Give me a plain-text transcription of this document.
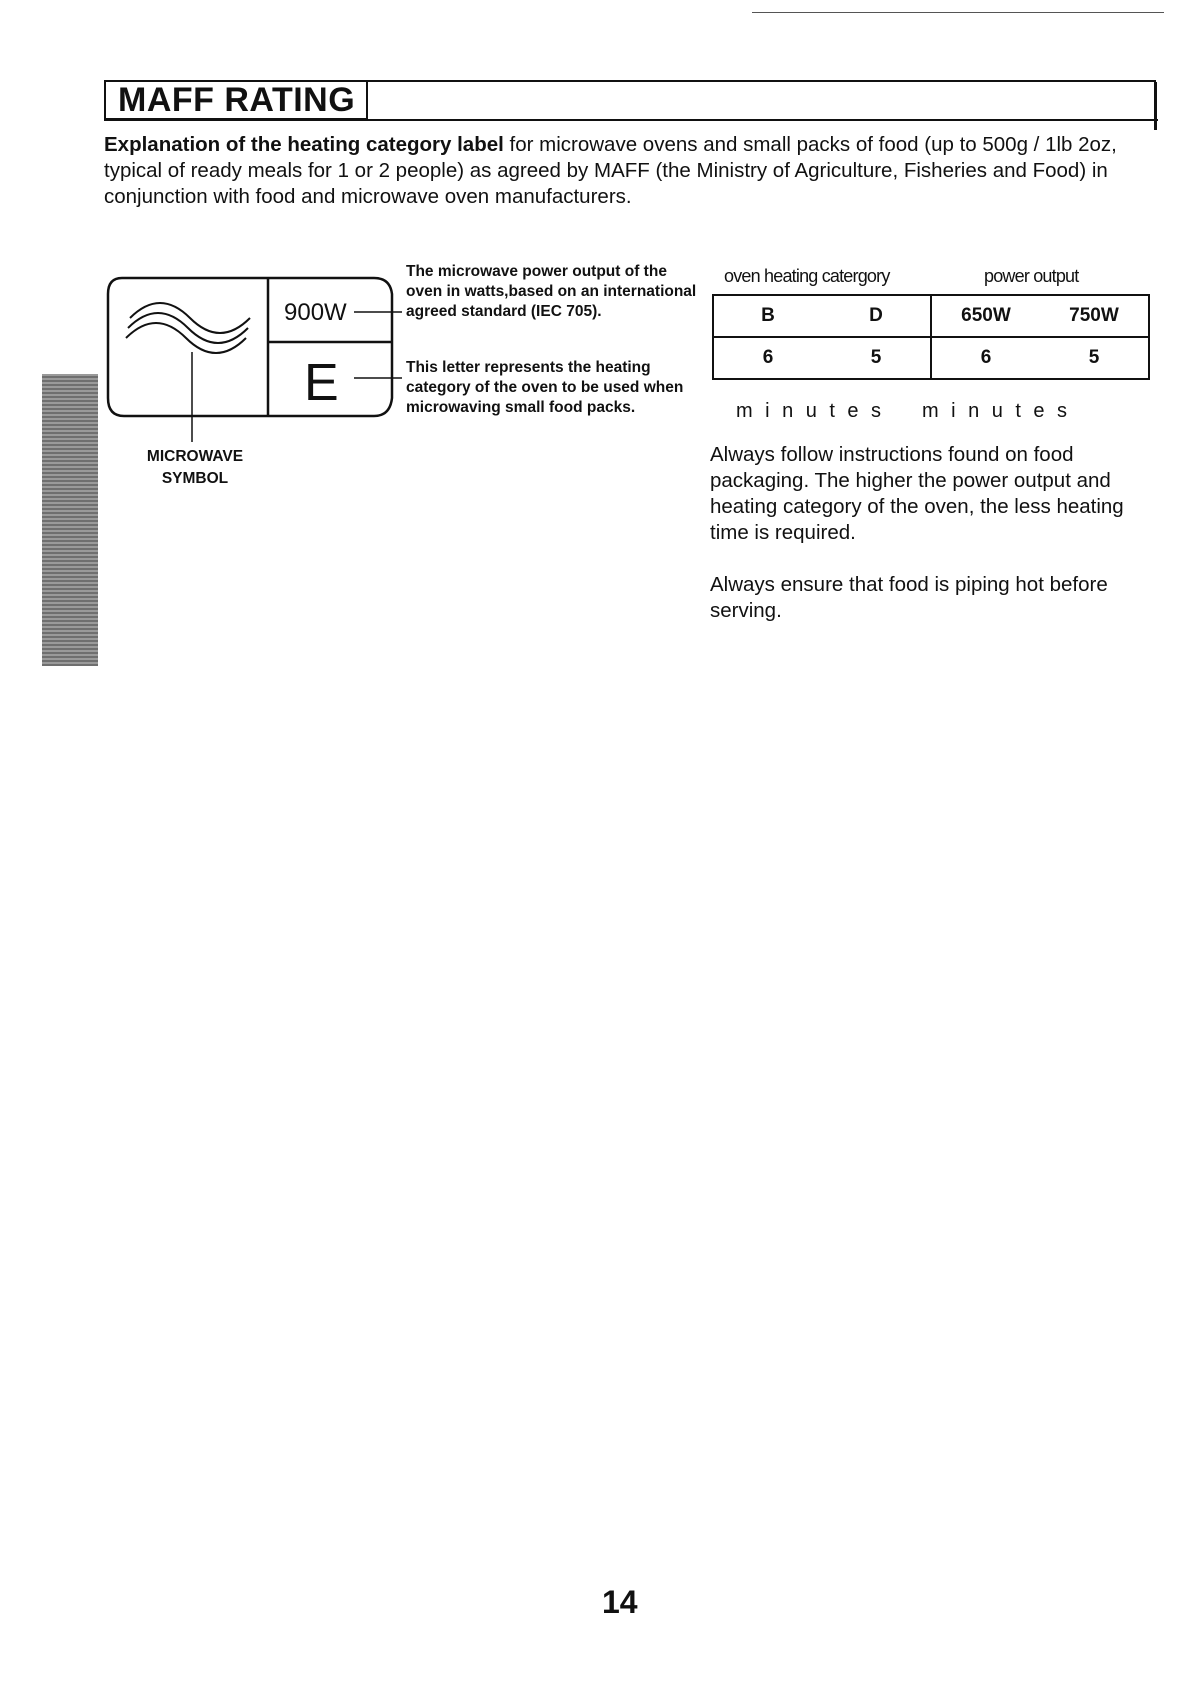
MAFF RATING
Explanation of the heating category label for microwave ovens and small packs of food (up to 500g / 1lb 2oz, typical of ready meals for 1 or 2 people) as agreed by MAFF (the Ministry of Agriculture, Fisheries and Food) in conjunction with food and microwave oven manufacturers.
900W
E
The microwave power output of the oven in watts,based on an international agreed standard (IEC 705).
This letter represents the heating category of the oven to be used when microwaving small food packs.
MICROWAVE
SYMBOL
oven heating catergory	power output
B D	650W 750W

6 5	6 5
minutes minutes
Always follow instructions found on food packaging. The higher the power output and heating category of the oven, the less heating time is required.
Always ensure that food is piping hot before serving.
14
